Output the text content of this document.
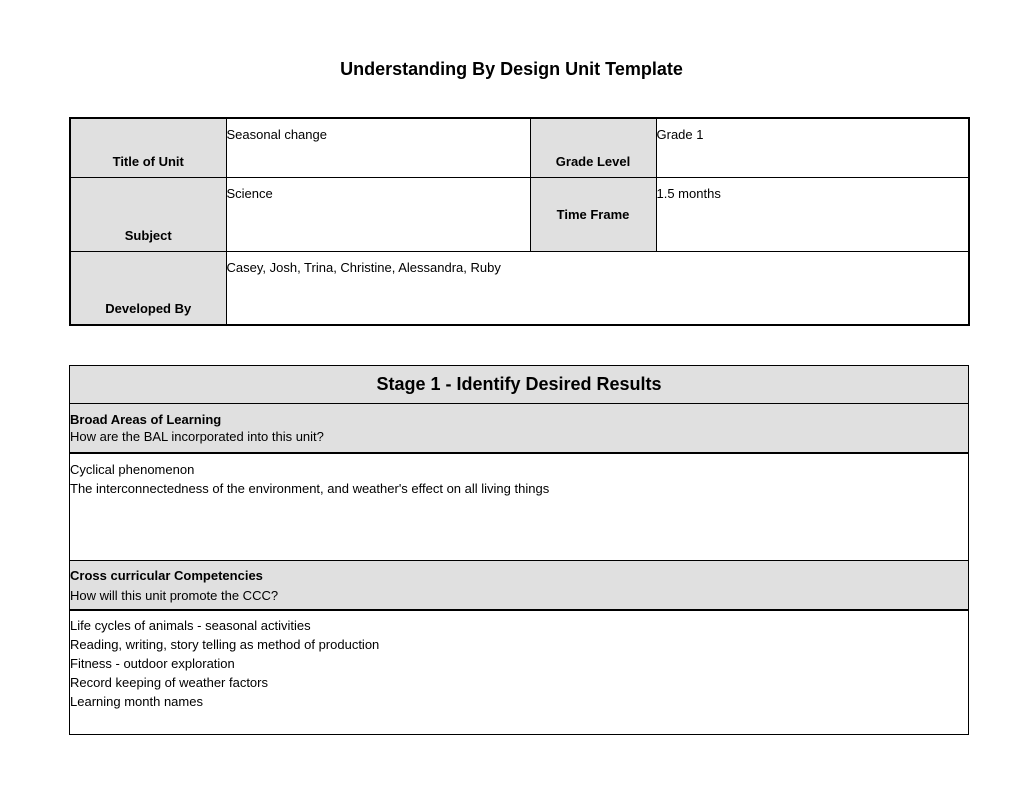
Understanding By Design Unit Template
Title of Unit	Seasonal change	Grade Level	Grade 1
Subject	Science	Time Frame	1.5 months
Developed By	Casey, Josh, Trina, Christine, Alessandra, Ruby		
Stage 1 - Identify Desired Results

Broad Areas of Learning
How are the BAL incorporated into this unit?

Cyclical phenomenon
The interconnectedness of the environment, and weather's effect on all living things

Cross curricular Competencies
How will this unit promote the CCC?

Life cycles of animals - seasonal activities
Reading, writing, story telling as method of production
Fitness - outdoor exploration
Record keeping of weather factors
Learning month names
